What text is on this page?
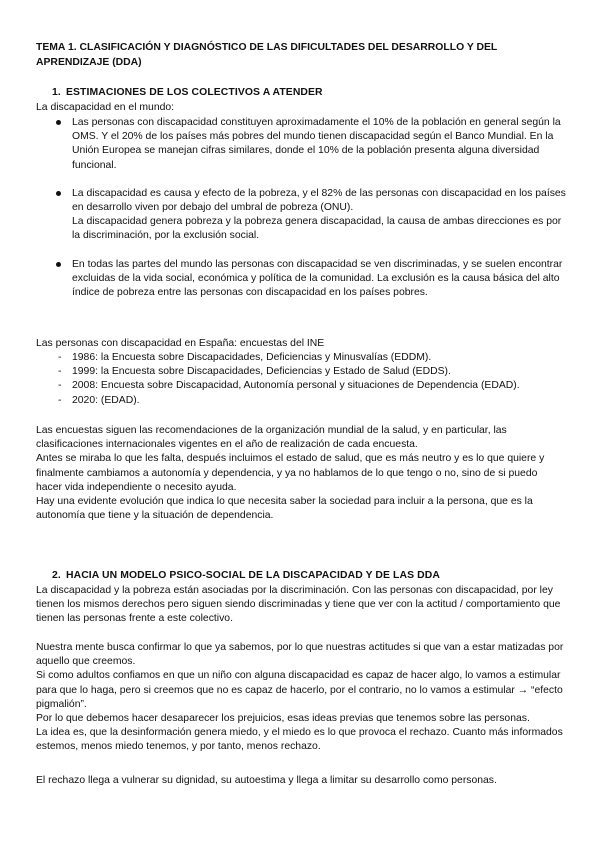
TEMA 1. CLASIFICACIÓN Y DIAGNÓSTICO DE LAS DIFICULTADES DEL DESARROLLO Y DEL APRENDIZAJE (DDA)
1. ESTIMACIONES DE LOS COLECTIVOS A ATENDER

La discapacidad en el mundo:

Las personas con discapacidad constituyen aproximadamente el 10% de la población en general según la OMS. Y el 20% de los países más pobres del mundo tienen discapacidad según el Banco Mundial. En la Unión Europea se manejan cifras similares, donde el 10% de la población presenta alguna diversidad funcional.

La discapacidad es causa y efecto de la pobreza, y el 82% de las personas con discapacidad en los países en desarrollo viven por debajo del umbral de pobreza (ONU).

La discapacidad genera pobreza y la pobreza genera discapacidad, la causa de ambas direcciones es por la discriminación, por la exclusión social.

En todas las partes del mundo las personas con discapacidad se ven discriminadas, y se suelen encontrar excluidas de la vida social, económica y política de la comunidad. La exclusión es la causa básica del alto índice de pobreza entre las personas con discapacidad en los países pobres.

Las personas con discapacidad en España: encuestas del INE

- 1986: la Encuesta sobre Discapacidades, Deficiencias y Minusvalías (EDDM).
- 1999: la Encuesta sobre Discapacidades, Deficiencias y Estado de Salud (EDDS).
- 2008: Encuesta sobre Discapacidad, Autonomía personal y situaciones de Dependencia (EDAD).
- 2020: (EDAD).

Las encuestas siguen las recomendaciones de la organización mundial de la salud, y en particular, las clasificaciones internacionales vigentes en el año de realización de cada encuesta.

Antes se miraba lo que les falta, después incluimos el estado de salud, que es más neutro y es lo que quiere y finalmente cambiamos a autonomía y dependencia, y ya no hablamos de lo que tengo o no, sino de si puedo hacer vida independiente o necesito ayuda.

Hay una evidente evolución que indica lo que necesita saber la sociedad para incluir a la persona, que es la autonomía que tiene y la situación de dependencia.

2. HACIA UN MODELO PSICO-SOCIAL DE LA DISCAPACIDAD Y DE LAS DDA

La discapacidad y la pobreza están asociadas por la discriminación. Con las personas con discapacidad, por ley tienen los mismos derechos pero siguen siendo discriminadas y tiene que ver con la actitud / comportamiento que tienen las personas frente a este colectivo.

Nuestra mente busca confirmar lo que ya sabemos, por lo que nuestras actitudes si que van a estar matizadas por aquello que creemos.

Si como adultos confiamos en que un niño con alguna discapacidad es capaz de hacer algo, lo vamos a estimular para que lo haga, pero si creemos que no es capaz de hacerlo, por el contrario, no lo vamos a estimular → “efecto pigmalión”.

Por lo que debemos hacer desaparecer los prejuicios, esas ideas previas que tenemos sobre las personas.

La idea es, que la desinformación genera miedo, y el miedo es lo que provoca el rechazo. Cuanto más informados estemos, menos miedo tenemos, y por tanto, menos rechazo.

El rechazo llega a vulnerar su dignidad, su autoestima y llega a limitar su desarrollo como personas.
